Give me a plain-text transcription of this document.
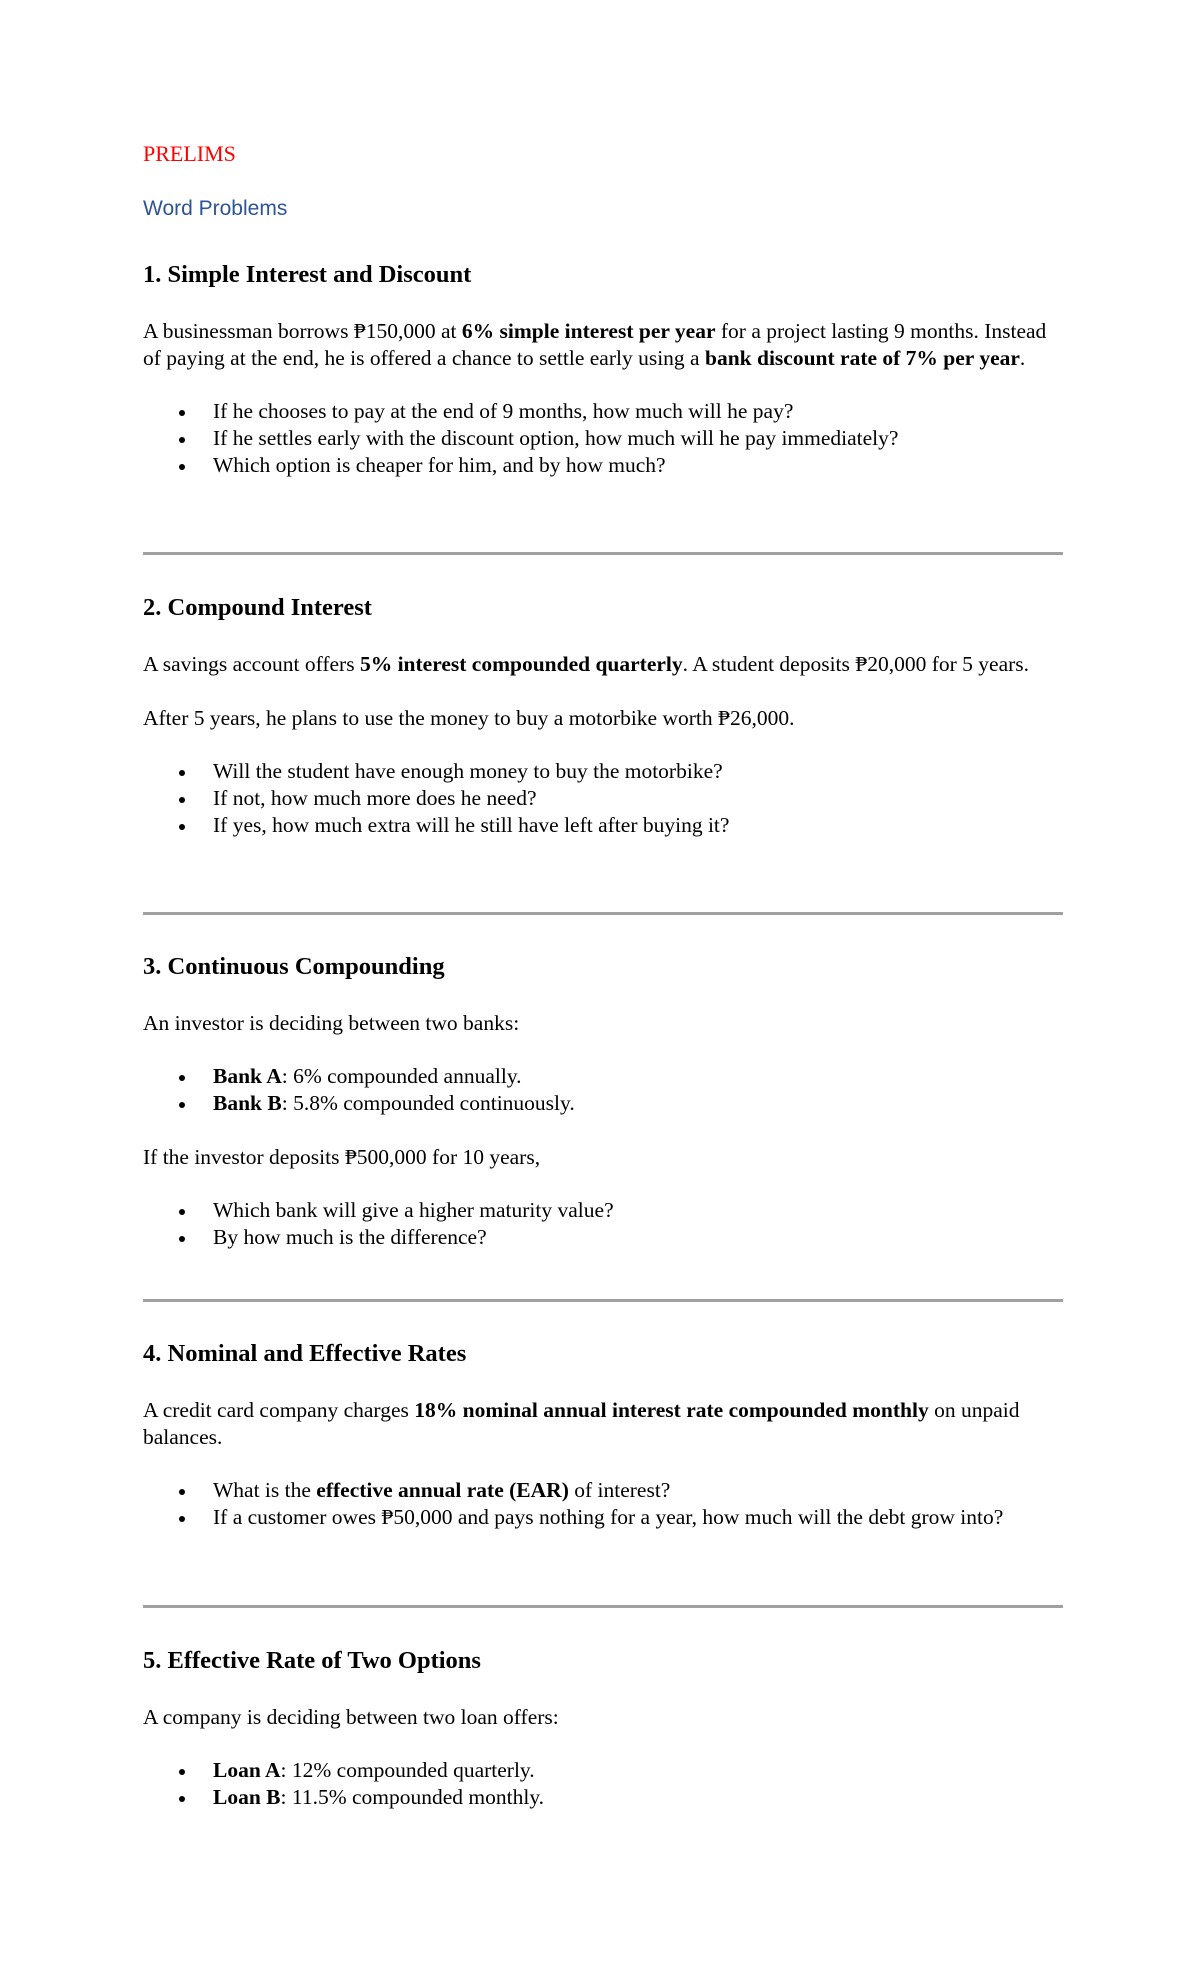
PRELIMS

Word Problems

1. Simple Interest and Discount

A businessman borrows ₱150,000 at 6% simple interest per year for a project lasting 9 months. Instead of paying at the end, he is offered a chance to settle early using a bank discount rate of 7% per year.

If he chooses to pay at the end of 9 months, how much will he pay?
If he settles early with the discount option, how much will he pay immediately?
Which option is cheaper for him, and by how much?
2. Compound Interest

A savings account offers 5% interest compounded quarterly. A student deposits ₱20,000 for 5 years.

After 5 years, he plans to use the money to buy a motorbike worth ₱26,000.

Will the student have enough money to buy the motorbike?
If not, how much more does he need?
If yes, how much extra will he still have left after buying it?
3. Continuous Compounding

An investor is deciding between two banks:

Bank A: 6% compounded annually.
Bank B: 5.8% compounded continuously.

If the investor deposits ₱500,000 for 10 years,

Which bank will give a higher maturity value?
By how much is the difference?
4. Nominal and Effective Rates

A credit card company charges 18% nominal annual interest rate compounded monthly on unpaid balances.

What is the effective annual rate (EAR) of interest?
If a customer owes ₱50,000 and pays nothing for a year, how much will the debt grow into?
5. Effective Rate of Two Options

A company is deciding between two loan offers:

Loan A: 12% compounded quarterly.
Loan B: 11.5% compounded monthly.
